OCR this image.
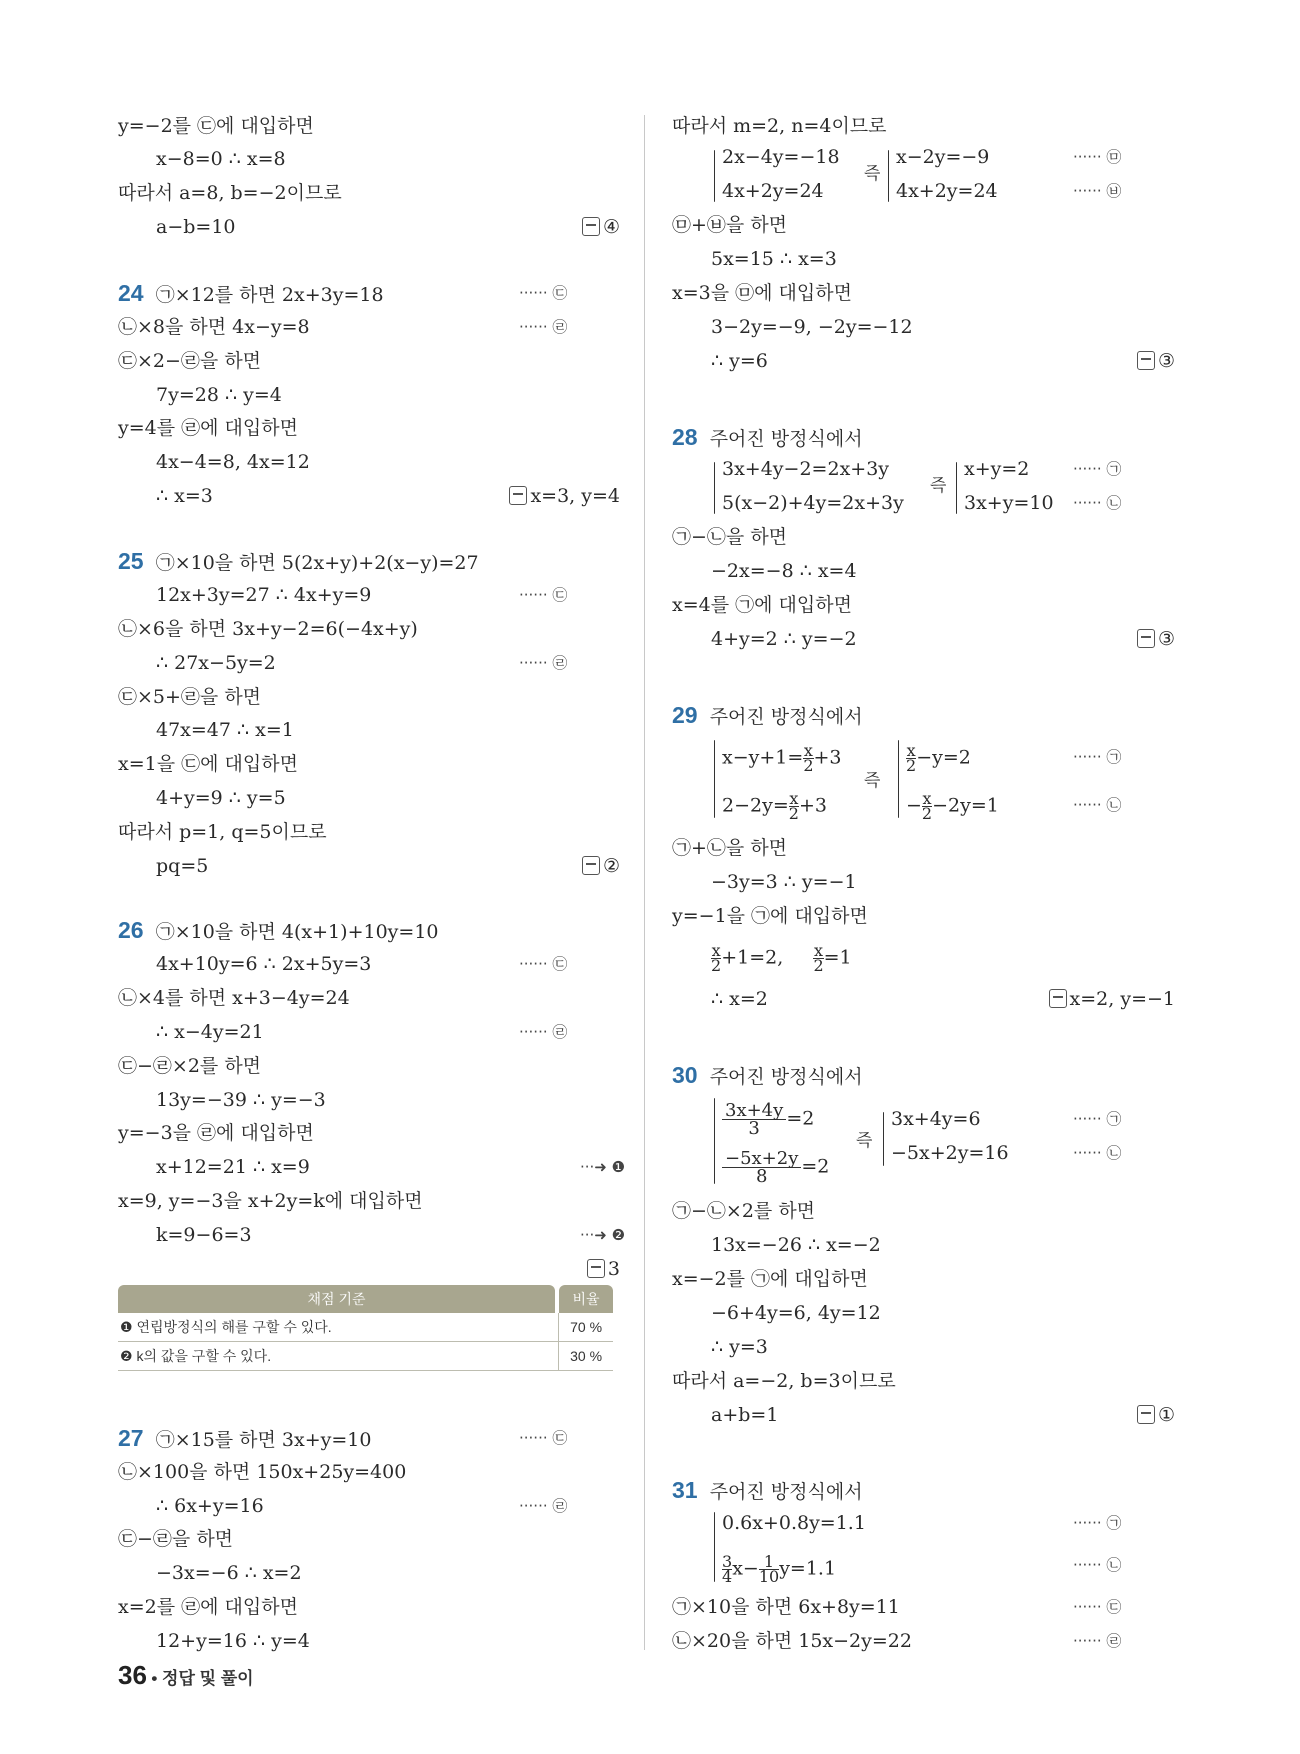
y=−2를 ㉢에 대입하면
x−8=0 ∴ x=8
따라서 a=8, b=−2이므로
a−b=10	④
24 ㉠×12를 하면 2x+3y=18	······ ㉢
㉡×8을 하면 4x−y=8	······ ㉣
㉢×2−㉣을 하면
7y=28 ∴ y=4
y=4를 ㉣에 대입하면
4x−4=8, 4x=12
∴ x=3	x=3, y=4
25 ㉠×10을 하면 5(2x+y)+2(x−y)=27
12x+3y=27 ∴ 4x+y=9	······ ㉢
㉡×6을 하면 3x+y−2=6(−4x+y)
∴ 27x−5y=2	······ ㉣
㉢×5+㉣을 하면
47x=47 ∴ x=1
x=1을 ㉢에 대입하면
4+y=9 ∴ y=5
따라서 p=1, q=5이므로
pq=5	②
26 ㉠×10을 하면 4(x+1)+10y=10
4x+10y=6 ∴ 2x+5y=3	······ ㉢
㉡×4를 하면 x+3−4y=24
∴ x−4y=21	······ ㉣
㉢−㉣×2를 하면
13y=−39 ∴ y=−3
y=−3을 ㉣에 대입하면
x+12=21 ∴ x=9	···➜ ❶
x=9, y=−3을 x+2y=k에 대입하면
k=9−6=3	···➜ ❷
3
채점 기준	비율
❶ 연립방정식의 해를 구할 수 있다.	70 %
❷ k의 값을 구할 수 있다.	30 %
27 ㉠×15를 하면 3x+y=10	······ ㉢
㉡×100을 하면 150x+25y=400
∴ 6x+y=16	······ ㉣
㉢−㉣을 하면
−3x=−6 ∴ x=2
x=2를 ㉣에 대입하면
12+y=16 ∴ y=4
따라서 m=2, n=4이므로
2x−4y=−18
4x+2y=24
즉
x−2y=−9
4x+2y=24
······ ㉤
······ ㉥
㉤+㉥을 하면
5x=15 ∴ x=3
x=3을 ㉤에 대입하면
3−2y=−9, −2y=−12
∴ y=6	③
28 주어진 방정식에서
3x+4y−2=2x+3y
5(x−2)+4y=2x+3y
즉
x+y=2
3x+y=10
······ ㉠
······ ㉡
㉠−㉡을 하면
−2x=−8 ∴ x=4
x=4를 ㉠에 대입하면
4+y=2 ∴ y=−2	③
29 주어진 방정식에서
$x-y+1= \frac{x}{2} +3$
$2-2y= \frac{x}{2} +3$
즉
$\frac{x}{2} -y=2$
− $\frac{x}{2} -2y=1$
······ ㉠
······ ㉡
㉠+㉡을 하면
−3y=3 ∴ y=−1
y=−1을 ㉠에 대입하면
$\frac{x}{2} +1=2$, $\frac{x}{2} =1$
∴ x=2	x=2, y=−1
30 주어진 방정식에서
$\frac{3x+4y}{3} =2$
$\frac{-5x+2y}{8} =2$
즉
3x+4y=6
−5x+2y=16
······ ㉠
······ ㉡
㉠−㉡×2를 하면
13x=−26 ∴ x=−2
x=−2를 ㉠에 대입하면
−6+4y=6, 4y=12
∴ y=3
따라서 a=−2, b=3이므로
a+b=1	①
31 주어진 방정식에서
0.6x+0.8y=1.1
$\frac{3}{4} x- \frac{1}{10} y=1.1$
······ ㉠
······ ㉡
㉠×10을 하면 6x+8y=11	······ ㉢
㉡×20을 하면 15x−2y=22	······ ㉣
36 • 정답 및 풀이
